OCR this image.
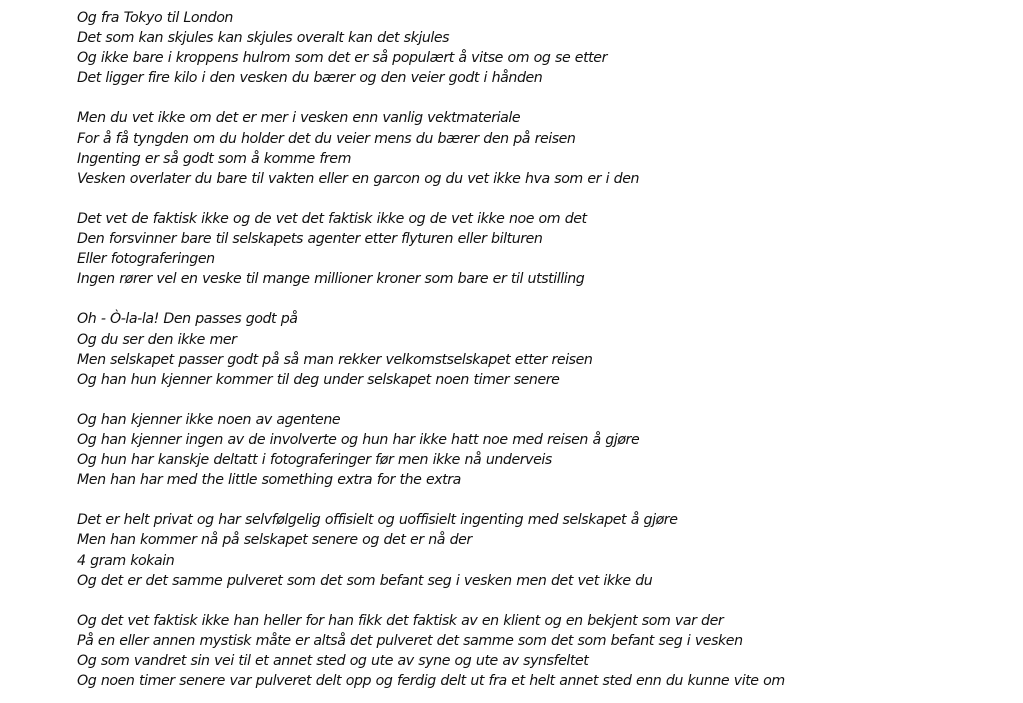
Og fra Tokyo til London
Det som kan skjules kan skjules overalt kan det skjules
Og ikke bare i kroppens hulrom som det er så populært å vitse om og se etter
Det ligger fire kilo i den vesken du bærer og den veier godt i hånden
Men du vet ikke om det er mer i vesken enn vanlig vektmateriale
For å få tyngden om du holder det du veier mens du bærer den på reisen
Ingenting er så godt som å komme frem
Vesken overlater du bare til vakten eller en garcon og du vet ikke hva som er i den
Det vet de faktisk ikke og de vet det faktisk ikke og de vet ikke noe om det
Den forsvinner bare til selskapets agenter etter flyturen eller bilturen
Eller fotograferingen
Ingen rører vel en veske til mange millioner kroner som bare er til utstilling
Oh - Ò-la-la! Den passes godt på
Og du ser den ikke mer
Men selskapet passer godt på så man rekker velkomstselskapet etter reisen
Og han hun kjenner kommer til deg under selskapet noen timer senere
Og han kjenner ikke noen av agentene
Og han kjenner ingen av de involverte og hun har ikke hatt noe med reisen å gjøre
Og hun har kanskje deltatt i fotograferinger før men ikke nå underveis
Men han har med the little something extra for the extra
Det er helt privat og har selvfølgelig offisielt og uoffisielt ingenting med selskapet å gjøre
Men han kommer nå på selskapet senere og det er nå der
4 gram kokain
Og det er det samme pulveret som det som befant seg i vesken men det vet ikke du
Og det vet faktisk ikke han heller for han fikk det faktisk av en klient og en bekjent som var der
På en eller annen mystisk måte er altså det pulveret det samme som det som befant seg i vesken
Og som vandret sin vei til et annet sted og ute av syne og ute av synsfeltet
Og noen timer senere var pulveret delt opp og ferdig delt ut fra et helt annet sted enn du kunne vite om
